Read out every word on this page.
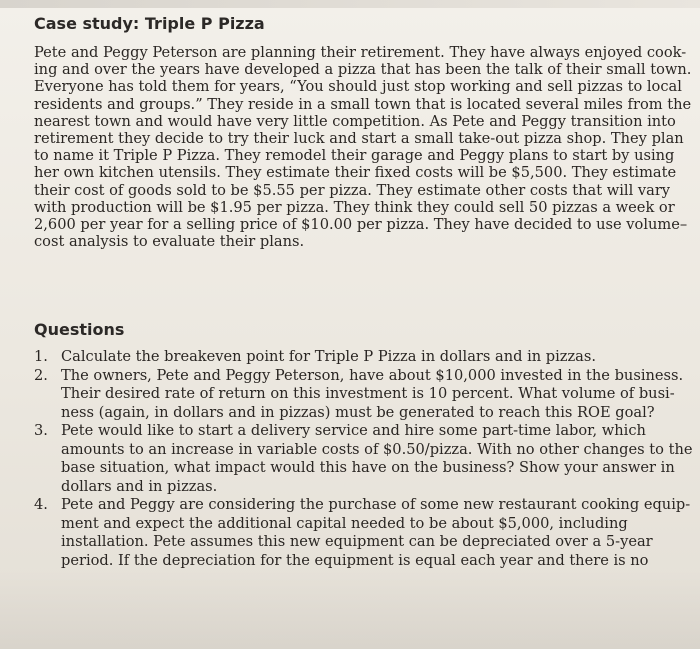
Case study: Triple P Pizza
Pete and Peggy Peterson are planning their retirement. They have always enjoyed cook-
ing and over the years have developed a pizza that has been the talk of their small town.
Everyone has told them for years, “You should just stop working and sell pizzas to local
residents and groups.” They reside in a small town that is located several miles from the
nearest town and would have very little competition. As Pete and Peggy transition into
retirement they decide to try their luck and start a small take-out pizza shop. They plan
to name it Triple P Pizza. They remodel their garage and Peggy plans to start by using
her own kitchen utensils. They estimate their fixed costs will be $5,500. They estimate
their cost of goods sold to be $5.55 per pizza. They estimate other costs that will vary
with production will be $1.95 per pizza. They think they could sell 50 pizzas a week or
2,600 per year for a selling price of $10.00 per pizza. They have decided to use volume–
cost analysis to evaluate their plans.
Questions
1. Calculate the breakeven point for Triple P Pizza in dollars and in pizzas.
2. The owners, Pete and Peggy Peterson, have about $10,000 invested in the business.
Their desired rate of return on this investment is 10 percent. What volume of busi-
ness (again, in dollars and in pizzas) must be generated to reach this ROE goal?
3. Pete would like to start a delivery service and hire some part-time labor, which
amounts to an increase in variable costs of $0.50/pizza. With no other changes to the
base situation, what impact would this have on the business? Show your answer in
dollars and in pizzas.
4. Pete and Peggy are considering the purchase of some new restaurant cooking equip-
ment and expect the additional capital needed to be about $5,000, including
installation. Pete assumes this new equipment can be depreciated over a 5-year
period. If the depreciation for the equipment is equal each year and there is no
